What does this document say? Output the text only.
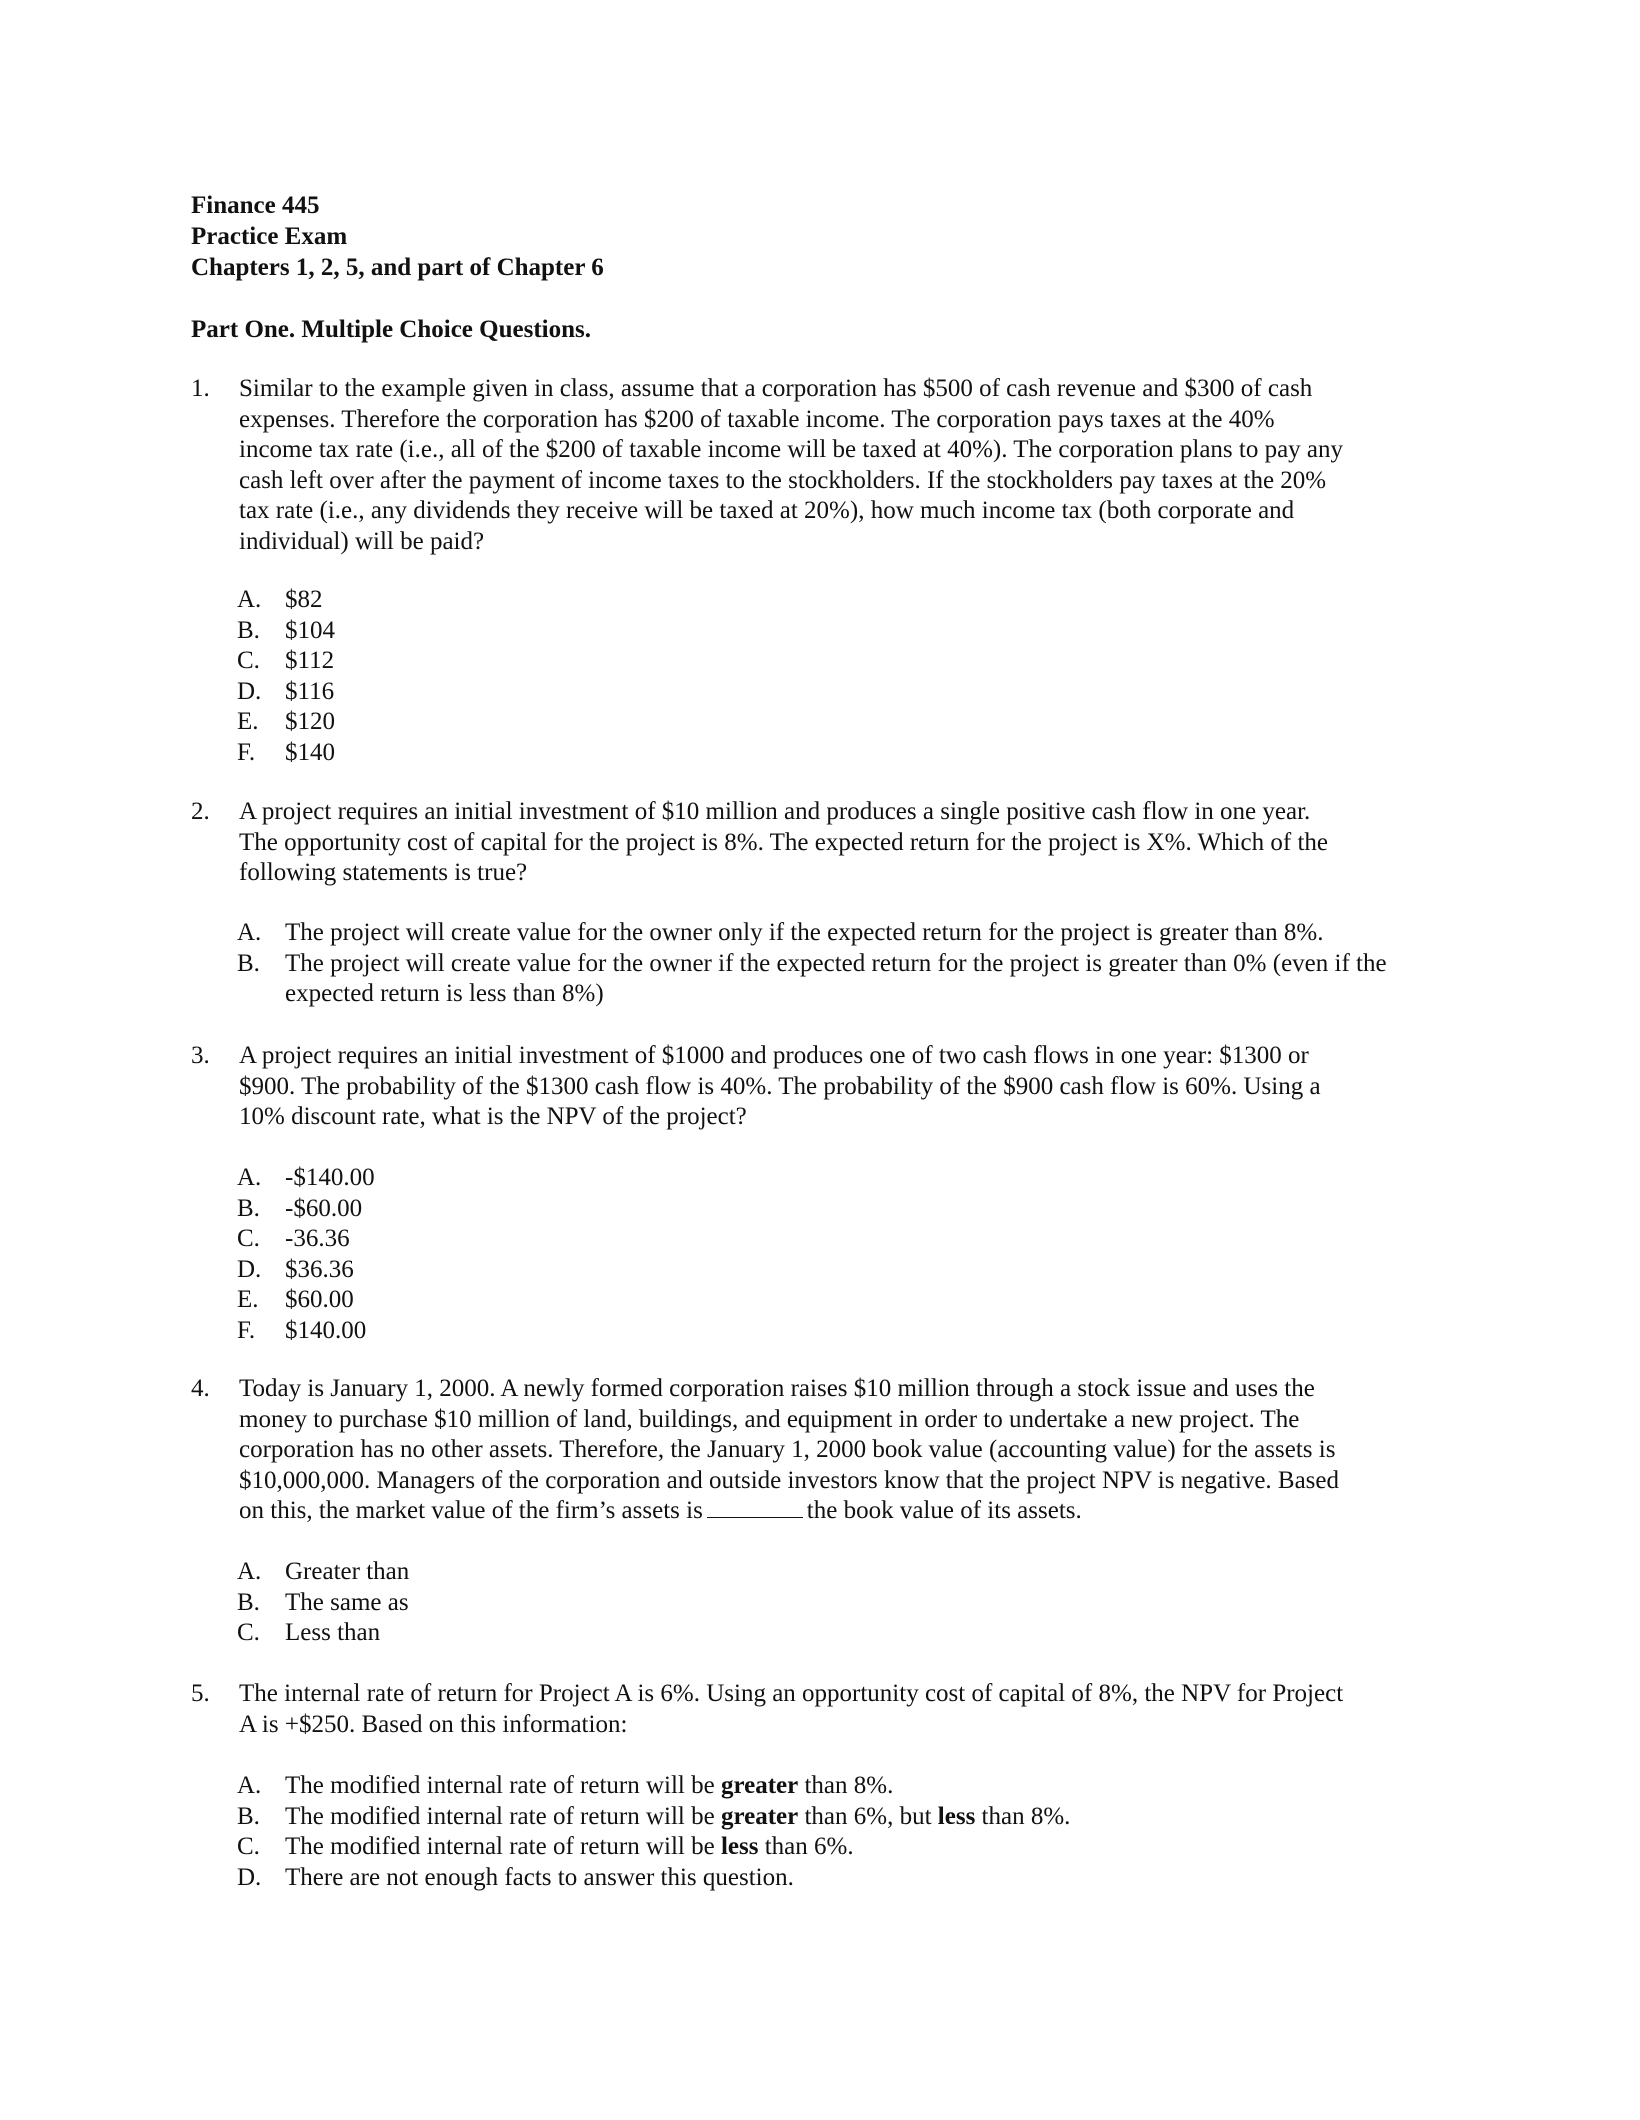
Finance 445
Practice Exam
Chapters 1, 2, 5, and part of Chapter 6
Part One. Multiple Choice Questions.
1.	Similar to the example given in class, assume that a corporation has $500 of cash revenue and $300 of cash
expenses. Therefore the corporation has $200 of taxable income. The corporation pays taxes at the 40%
income tax rate (i.e., all of the $200 of taxable income will be taxed at 40%). The corporation plans to pay any
cash left over after the payment of income taxes to the stockholders. If the stockholders pay taxes at the 20%
tax rate (i.e., any dividends they receive will be taxed at 20%), how much income tax (both corporate and
individual) will be paid?
A. $82
B.	$104
C.	$112
D. $116
E.	$120
F.	$140
2.	A project requires an initial investment of $10 million and produces a single positive cash flow in one year.
The opportunity cost of capital for the project is 8%. The expected return for the project is X%. Which of the
following statements is true?
A. The project will create value for the owner only if the expected return for the project is greater than 8%.
B.	The project will create value for the owner if the expected return for the project is greater than 0% (even if the expected return is less than 8%)
3.	A project requires an initial investment of $1000 and produces one of two cash flows in one year: $1300 or
$900. The probability of the $1300 cash flow is 40%. The probability of the $900 cash flow is 60%. Using a
10% discount rate, what is the NPV of the project?
A. -$140.00
B.	-$60.00
C.	-36.36
D. $36.36
E.	$60.00
F.	$140.00
4.	Today is January 1, 2000. A newly formed corporation raises $10 million through a stock issue and uses the
money to purchase $10 million of land, buildings, and equipment in order to undertake a new project. The
corporation has no other assets. Therefore, the January 1, 2000 book value (accounting value) for the assets is
$10,000,000. Managers of the corporation and outside investors know that the project NPV is negative. Based
on this, the market value of the firm’s assets is	the book value of its assets.
A. Greater than
B.	The same as
C.	Less than
5.	The internal rate of return for Project A is 6%. Using an opportunity cost of capital of 8%, the NPV for Project
A is +$250. Based on this information:
A. The modified internal rate of return will be greater than 8%.
B.	The modified internal rate of return will be greater than 6%, but less than 8%.
C.	The modified internal rate of return will be less than 6%.
D. There are not enough facts to answer this question.
